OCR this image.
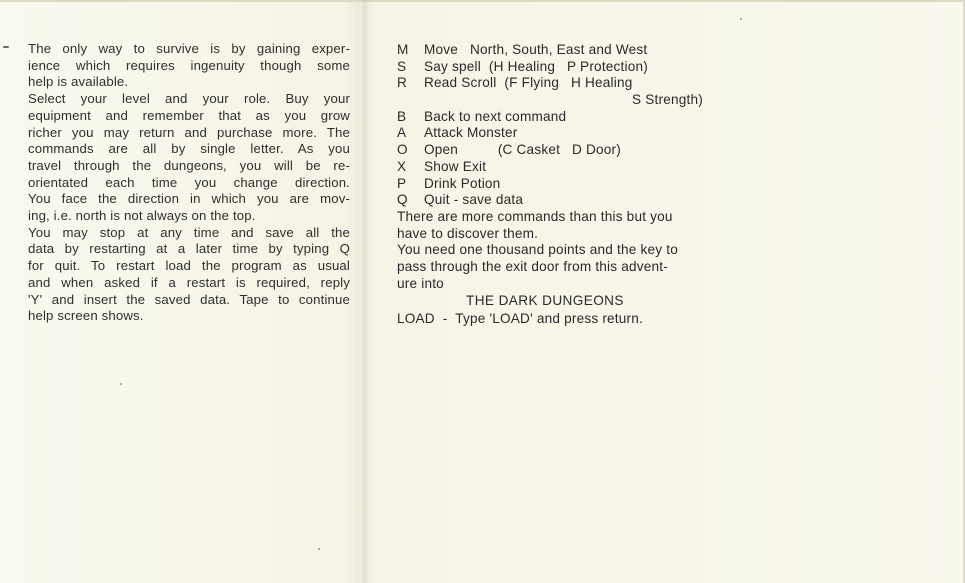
The only way to survive is by gaining exper-
ience which requires ingenuity though some
help is available.
Select your level and your role. Buy your
equipment and remember that as you grow
richer you may return and purchase more. The
commands are all by single letter. As you
travel through the dungeons, you will be re-
orientated each time you change direction.
You face the direction in which you are mov-
ing, i.e. north is not always on the top.
You may stop at any time and save all the
data by restarting at a later time by typing Q
for quit. To restart load the program as usual
and when asked if a restart is required, reply
'Y' and insert the saved data. Tape to continue
help screen shows.
M	Move   North, South, East and West
S	Say spell  (H Healing   P Protection)
R	Read Scroll  (F Flying   H Healing
S Strength)
B	Back to next command
A	Attack Monster
O	Open          (C Casket   D Door)
X	Show Exit
P	Drink Potion
Q	Quit - save data
There are more commands than this but you
have to discover them.
You need one thousand points and the key to
pass through the exit door from this advent-
ure into
THE DARK DUNGEONS
LOAD  -  Type 'LOAD' and press return.
